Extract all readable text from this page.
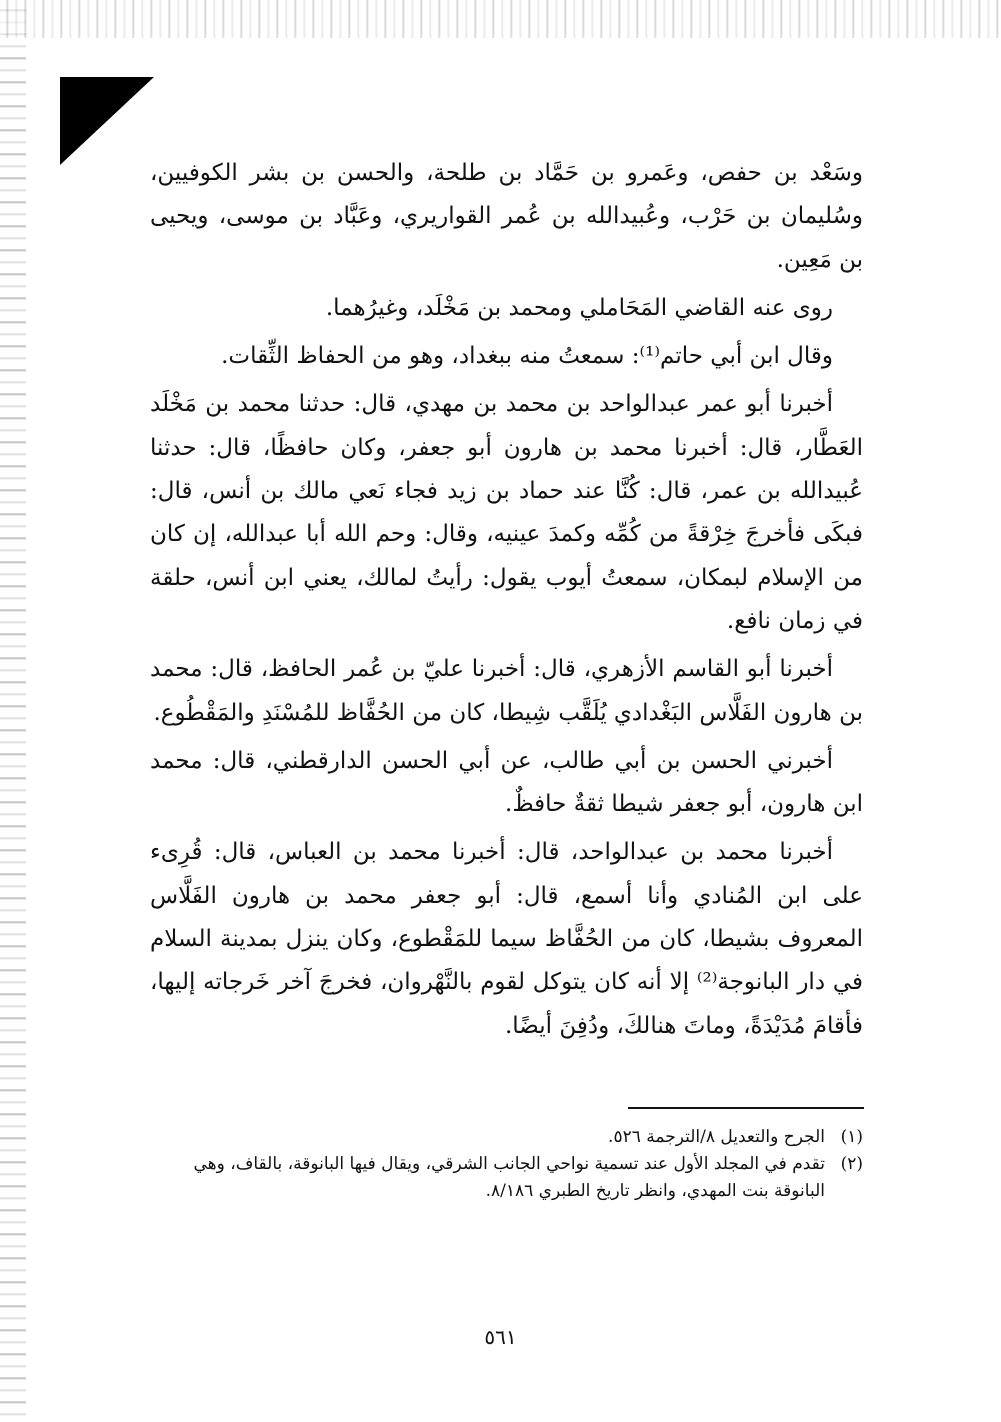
وسَعْد بن حفص، وعَمرو بن حَمَّاد بن طلحة، والحسن بن بشر الكوفيين، وسُليمان بن حَرْب، وعُبيدالله بن عُمر القواريري، وعَبَّاد بن موسى، ويحيى بن مَعِين.

روى عنه القاضي المَحَاملي ومحمد بن مَخْلَد، وغيرُهما.

وقال ابن أبي حاتم⁽¹⁾: سمعتُ منه ببغداد، وهو من الحفاظ الثِّقات.

أخبرنا أبو عمر عبدالواحد بن محمد بن مهدي، قال: حدثنا محمد بن مَخْلَد العَطَّار، قال: أخبرنا محمد بن هارون أبو جعفر، وكان حافظًا، قال: حدثنا عُبيدالله بن عمر، قال: كُنَّا عند حماد بن زيد فجاء نَعي مالك بن أنس، قال: فبكَى فأخرجَ خِرْقةً من كُمِّه وكمدَ عينيه، وقال: وحم الله أبا عبدالله، إن كان من الإسلام لبمكان، سمعتُ أيوب يقول: رأيتُ لمالك، يعني ابن أنس، حلقة في زمان نافع.

أخبرنا أبو القاسم الأزهري، قال: أخبرنا عليّ بن عُمر الحافظ، قال: محمد بن هارون الفَلَّاس البَغْدادي يُلَقَّب شِيطا، كان من الحُفَّاظ للمُسْنَدِ والمَقْطُوع.

أخبرني الحسن بن أبي طالب، عن أبي الحسن الدارقطني، قال: محمد ابن هارون، أبو جعفر شيطا ثقةٌ حافظٌ.

أخبرنا محمد بن عبدالواحد، قال: أخبرنا محمد بن العباس، قال: قُرِىء على ابن المُنادي وأنا أسمع، قال: أبو جعفر محمد بن هارون الفَلَّاس المعروف بشيطا، كان من الحُفَّاظ سيما للمَقْطوع، وكان ينزل بمدينة السلام في دار البانوجة⁽²⁾ إلا أنه كان يتوكل لقوم بالنَّهْروان، فخرجَ آخر خَرجاته إليها، فأقامَ مُدَيْدَةً، وماتَ هنالكَ، ودُفِنَ أيضًا.

(١)
الجرح والتعديل ٨/الترجمة ٥٢٦.
(٢)
تقدم في المجلد الأول عند تسمية نواحي الجانب الشرقي، ويقال فيها البانوقة، بالقاف، وهي البانوقة بنت المهدي، وانظر تاريخ الطبري ٨/١٨٦.
٥٦١
